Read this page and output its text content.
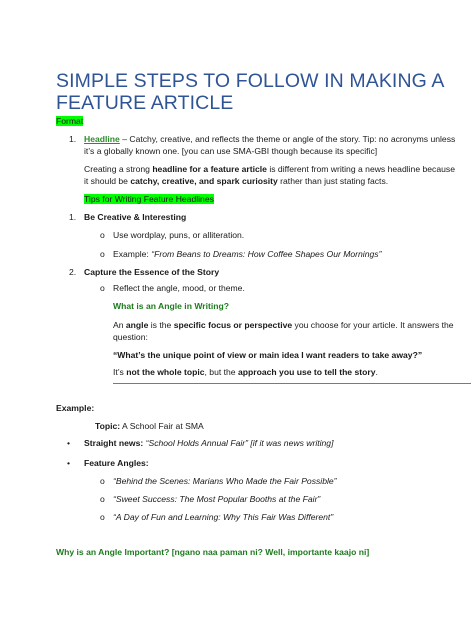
SIMPLE STEPS TO FOLLOW IN MAKING A
FEATURE ARTICLE
Format
1. Headline – Catchy, creative, and reflects the theme or angle of the story. Tip: no acronyms unless
it’s a globally known one. [you can use SMA-GBI though because its specific]
Creating a strong headline for a feature article is different from writing a news headline because
it should be catchy, creative, and spark curiosity rather than just stating facts.
Tips for Writing Feature Headlines
1. Be Creative & Interesting
o Use wordplay, puns, or alliteration.
o Example: “From Beans to Dreams: How Coffee Shapes Our Mornings”
2. Capture the Essence of the Story
o Reflect the angle, mood, or theme.
What is an Angle in Writing?
An angle is the specific focus or perspective you choose for your article. It answers the
question:
“What’s the unique point of view or main idea I want readers to take away?”
It’s not the whole topic, but the approach you use to tell the story.
Example:
Topic: A School Fair at SMA
• Straight news: “School Holds Annual Fair” [if it was news writing]
• Feature Angles:
o “Behind the Scenes: Marians Who Made the Fair Possible”
o “Sweet Success: The Most Popular Booths at the Fair”
o “A Day of Fun and Learning: Why This Fair Was Different”
Why is an Angle Important? [ngano naa paman ni? Well, importante kaajo ni]
